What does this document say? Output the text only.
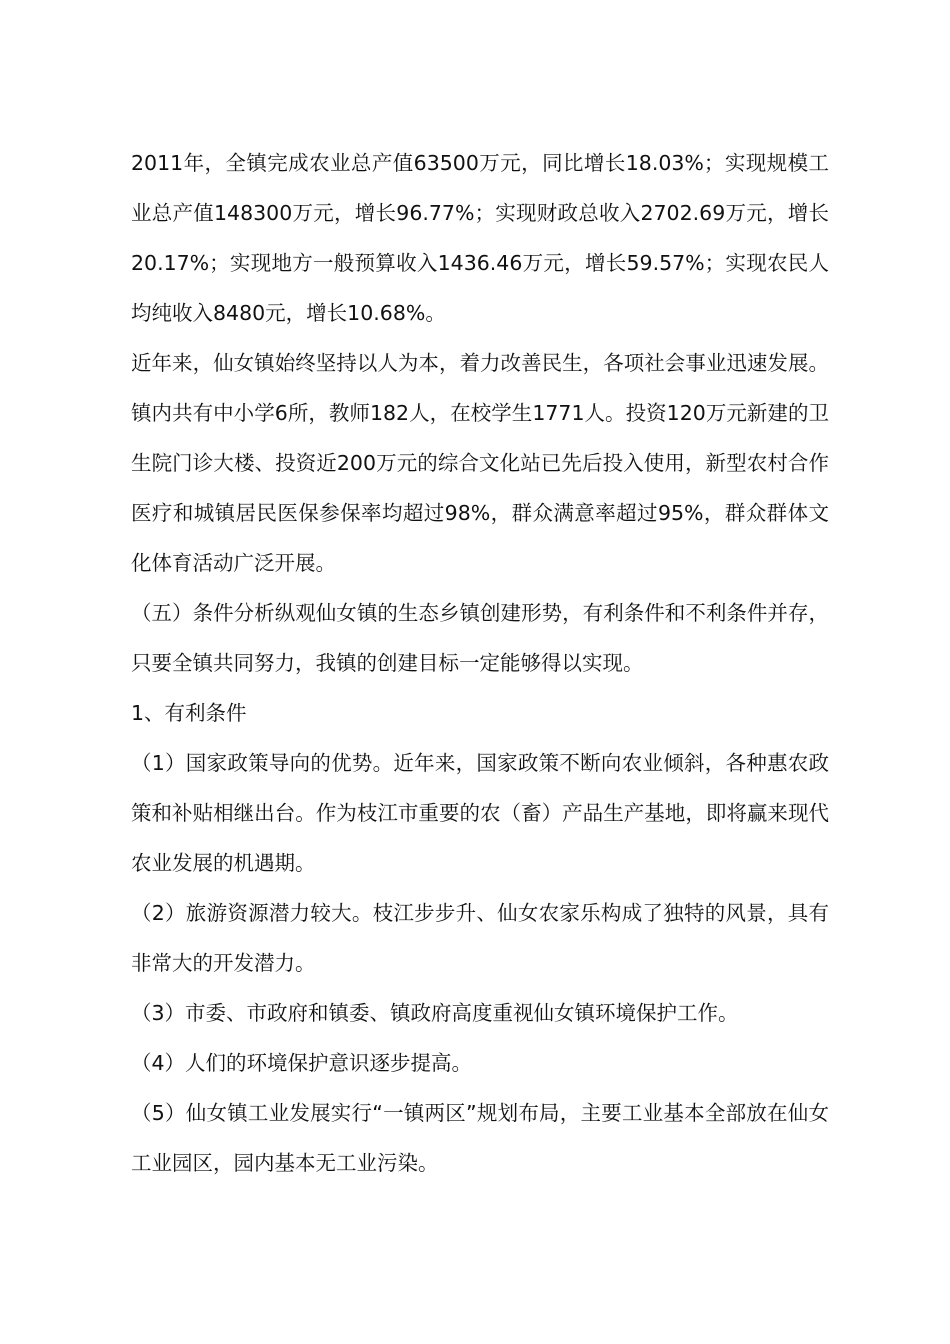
2011年，全镇完成农业总产值63500万元，同比增长18.03%；实现规模工业总产值148300万元，增长96.77%；实现财政总收入2702.69万元，增长20.17%；实现地方一般预算收入1436.46万元，增长59.57%；实现农民人均纯收入8480元，增长10.68%。

近年来，仙女镇始终坚持以人为本，着力改善民生，各项社会事业迅速发展。镇内共有中小学6所，教师182人，在校学生1771人。投资120万元新建的卫生院门诊大楼、投资近200万元的综合文化站已先后投入使用，新型农村合作医疗和城镇居民医保参保率均超过98%，群众满意率超过95%，群众群体文化体育活动广泛开展。

（五）条件分析纵观仙女镇的生态乡镇创建形势，有利条件和不利条件并存，只要全镇共同努力，我镇的创建目标一定能够得以实现。

1、有利条件

（1）国家政策导向的优势。近年来，国家政策不断向农业倾斜，各种惠农政策和补贴相继出台。作为枝江市重要的农（畜）产品生产基地，即将赢来现代农业发展的机遇期。

（2）旅游资源潜力较大。枝江步步升、仙女农家乐构成了独特的风景，具有非常大的开发潜力。

（3）市委、市政府和镇委、镇政府高度重视仙女镇环境保护工作。

（4）人们的环境保护意识逐步提高。

（5）仙女镇工业发展实行“一镇两区”规划布局，主要工业基本全部放在仙女工业园区，园内基本无工业污染。
